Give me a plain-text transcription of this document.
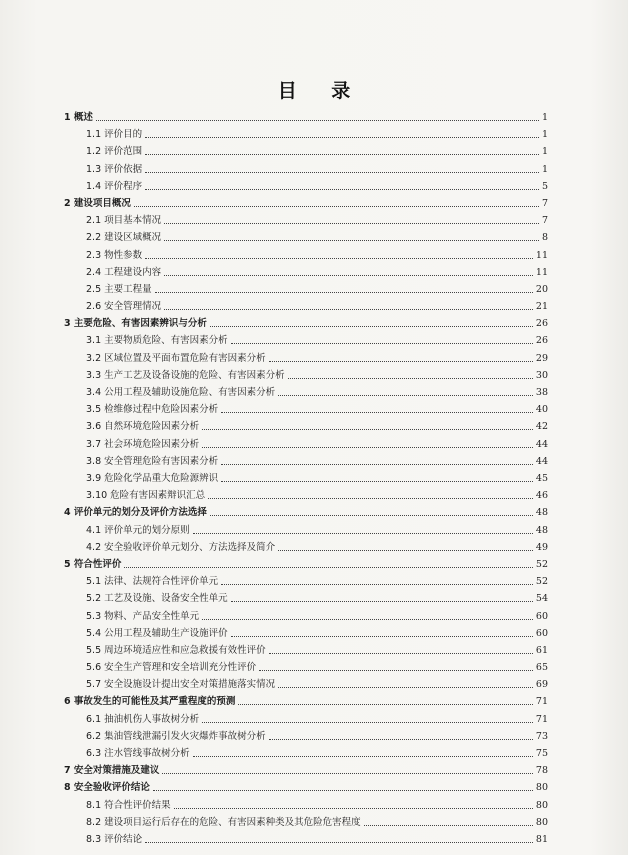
目 录
1 概述	1
1.1 评价目的	1
1.2 评价范围	1
1.3 评价依据	1
1.4 评价程序	5
2 建设项目概况	7
2.1 项目基本情况	7
2.2 建设区域概况	8
2.3 物性参数	11
2.4 工程建设内容	11
2.5 主要工程量	20
2.6 安全管理情况	21
3 主要危险、有害因素辨识与分析	26
3.1 主要物质危险、有害因素分析	26
3.2 区域位置及平面布置危险有害因素分析	29
3.3 生产工艺及设备设施的危险、有害因素分析	30
3.4 公用工程及辅助设施危险、有害因素分析	38
3.5 检维修过程中危险因素分析	40
3.6 自然环境危险因素分析	42
3.7 社会环境危险因素分析	44
3.8 安全管理危险有害因素分析	44
3.9 危险化学品重大危险源辨识	45
3.10 危险有害因素辩识汇总	46
4 评价单元的划分及评价方法选择	48
4.1 评价单元的划分原则	48
4.2 安全验收评价单元划分、方法选择及简介	49
5 符合性评价	52
5.1 法律、法规符合性评价单元	52
5.2 工艺及设施、设备安全性单元	54
5.3 物料、产品安全性单元	60
5.4 公用工程及辅助生产设施评价	60
5.5 周边环境适应性和应急救援有效性评价	61
5.6 安全生产管理和安全培训充分性评价	65
5.7 安全设施设计提出安全对策措施落实情况	69
6 事故发生的可能性及其严重程度的预测	71
6.1 抽油机伤人事故树分析	71
6.2 集油管线泄漏引发火灾爆炸事故树分析	73
6.3 注水管线事故树分析	75
7 安全对策措施及建议	78
8 安全验收评价结论	80
8.1 符合性评价结果	80
8.2 建设项目运行后存在的危险、有害因素种类及其危险危害程度	80
8.3 评价结论	81
